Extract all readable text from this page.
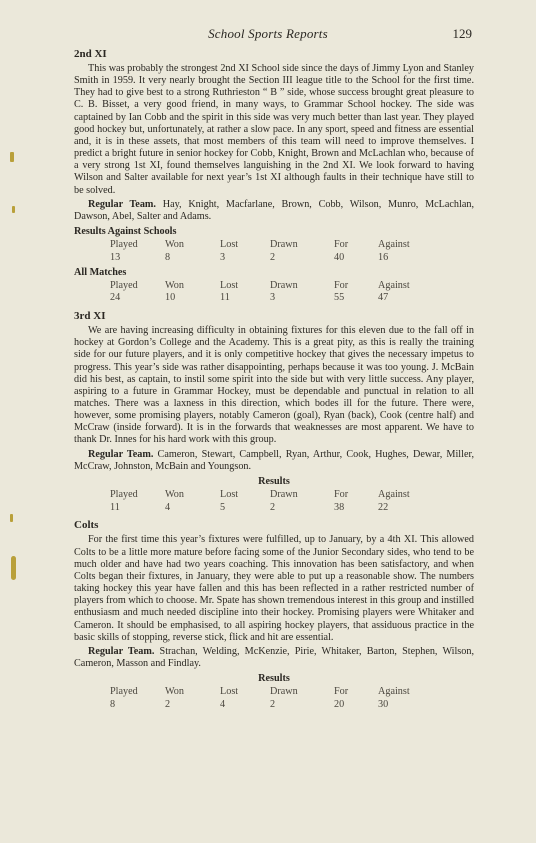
School Sports Reports	129
2nd XI

This was probably the strongest 2nd XI School side since the days of Jimmy Lyon and Stanley Smith in 1959. It very nearly brought the Section III league title to the School for the first time. They had to give best to a strong Ruthrieston “ B ” side, whose success brought great pleasure to C. B. Bisset, a very good friend, in many ways, to Grammar School hockey. The side was captained by Ian Cobb and the spirit in this side was very much better than last year. They played good hockey but, unfortunately, at rather a slow pace. In any sport, speed and fitness are essential and, it is in these assets, that most members of this team will need to improve themselves. I predict a bright future in senior hockey for Cobb, Knight, Brown and McLachlan who, because of a very strong 1st XI, found themselves languishing in the 2nd XI. We look forward to having Wilson and Salter available for next year’s 1st XI although faults in their technique have still to be solved.

Regular Team. Hay, Knight, Macfarlane, Brown, Cobb, Wilson, Munro, McLachlan, Dawson, Abel, Salter and Adams.

Results Against Schools
Played	Won	Lost	Drawn	For	Against
13	8	3	2	40	16
All Matches
Played	Won	Lost	Drawn	For	Against
24	10	11	3	55	47
3rd XI

We are having increasing difficulty in obtaining fixtures for this eleven due to the fall off in hockey at Gordon’s College and the Academy. This is a great pity, as this is really the training side for our future players, and it is only competitive hockey that gives the necessary impetus to progress. This year’s side was rather disappointing, perhaps because it was too young. J. McBain did his best, as captain, to instil some spirit into the side but with very little success. Any player, aspiring to a future in Grammar Hockey, must be dependable and punctual in relation to all matches. There was a laxness in this direction, which bodes ill for the future. There were, however, some promising players, notably Cameron (goal), Ryan (back), Cook (centre half) and McCraw (inside forward). It is in the forwards that weaknesses are most apparent. We have to thank Dr. Innes for his hard work with this group.

Regular Team. Cameron, Stewart, Campbell, Ryan, Arthur, Cook, Hughes, Dewar, Miller, McCraw, Johnston, McBain and Youngson.

Results
Played	Won	Lost	Drawn	For	Against
11	4	5	2	38	22
Colts

For the first time this year’s fixtures were fulfilled, up to January, by a 4th XI. This allowed Colts to be a little more mature before facing some of the Junior Secondary sides, who tend to be much older and have had two years coaching. This innovation has been satisfactory, and when Colts began their fixtures, in January, they were able to put up a reasonable show. The numbers taking hockey this year have fallen and this has been reflected in a rather restricted number of players from which to choose. Mr. Spate has shown tremendous interest in this group and instilled enthusiasm and much needed discipline into their hockey. Promising players were Whitaker and Cameron. It should be emphasised, to all aspiring hockey players, that assiduous practice in the basic skills of stopping, reverse stick, flick and hit are essential.

Regular Team. Strachan, Welding, McKenzie, Pirie, Whitaker, Barton, Stephen, Wilson, Cameron, Masson and Findlay.

Results
Played	Won	Lost	Drawn	For	Against
8	2	4	2	20	30
